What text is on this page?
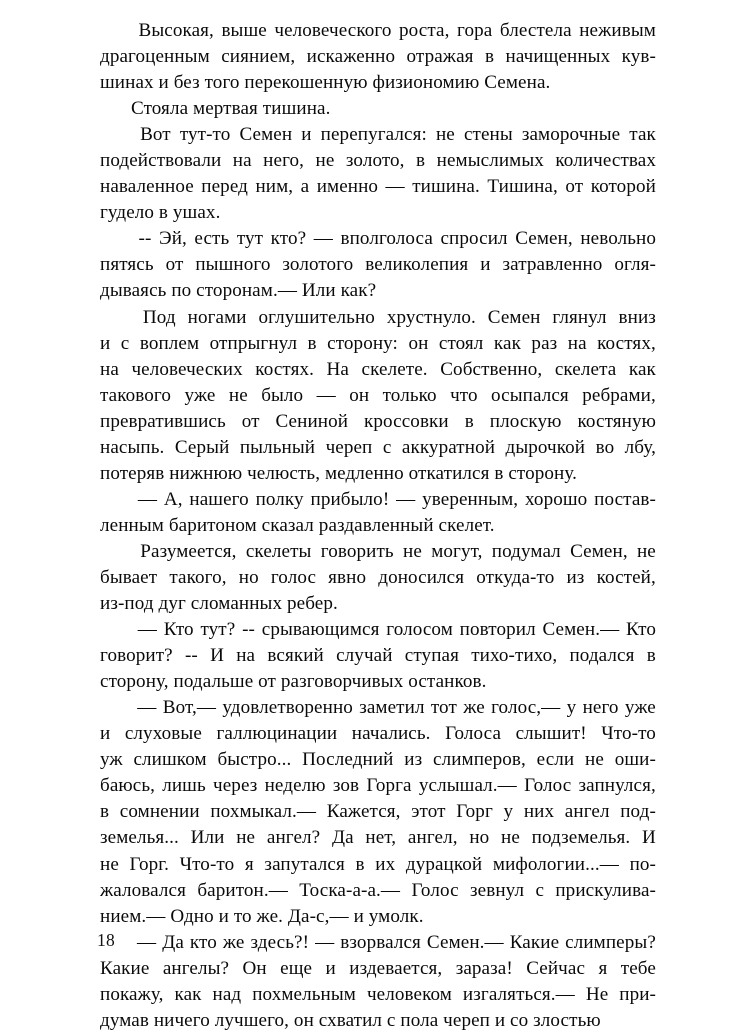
Высокая, выше человеческого роста, гора блестела неживым
драгоценным сиянием, искаженно отражая в начищенных кув-
шинах и без того перекошенную физиономию Семена.

Стояла мертвая тишина.

Вот тут-то Семен и перепугался: не стены заморочные так
подействовали на него, не золото, в немыслимых количествах
наваленное перед ним, а именно — тишина. Тишина, от которой
гудело в ушах.

-- Эй, есть тут кто? — вполголоса спросил Семен, невольно
пятясь от пышного золотого великолепия и затравленно огля-
дываясь по сторонам.— Или как?

Под ногами оглушительно хрустнуло. Семен глянул вниз
и с воплем отпрыгнул в сторону: он стоял как раз на костях,
на человеческих костях. На скелете. Собственно, скелета как
такового уже не было — он только что осыпался ребрами,
превратившись от Сениной кроссовки в плоскую костяную
насыпь. Серый пыльный череп с аккуратной дырочкой во лбу,
потеряв нижнюю челюсть, медленно откатился в сторону.

— А, нашего полку прибыло! — уверенным, хорошо постав-
ленным баритоном сказал раздавленный скелет.

Разумеется, скелеты говорить не могут, подумал Семен, не
бывает такого, но голос явно доносился откуда-то из костей,
из-под дуг сломанных ребер.

— Кто тут? -- срывающимся голосом повторил Семен.— Кто
говорит? -- И на всякий случай ступая тихо-тихо, подался в
сторону, подальше от разговорчивых останков.

— Вот,— удовлетворенно заметил тот же голос,— у него уже
и слуховые галлюцинации начались. Голоса слышит! Что-то
уж слишком быстро... Последний из слимперов, если не оши-
баюсь, лишь через неделю зов Горга услышал.— Голос запнулся,
в сомнении похмыкал.— Кажется, этот Горг у них ангел под-
земелья... Или не ангел? Да нет, ангел, но не подземелья. И
не Горг. Что-то я запутался в их дурацкой мифологии...— по-
жаловался баритон.— Тоска-а-а.— Голос зевнул с прискулива-
нием.— Одно и то же. Да-с,— и умолк.

— Да кто же здесь?! — взорвался Семен.— Какие слимперы?
Какие ангелы? Он еще и издевается, зараза! Сейчас я тебе
покажу, как над похмельным человеком изгаляться.— Не при-
думав ничего лучшего, он схватил с пола череп и со злостью

18
